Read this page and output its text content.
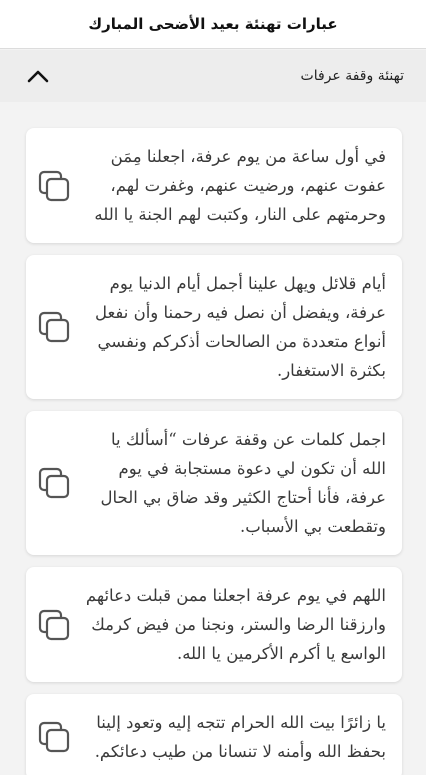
عبارات تهنئة بعيد الأضحى المبارك
تهنئة وقفة عرفات
في أول ساعة من يوم عرفة، اجعلنا مِمَن عفوت عنهم، ورضيت عنهم، وغفرت لهم، وحرمتهم على النار، وكتبت لهم الجنة يا الله
أيام قلائل ويهل علينا أجمل أيام الدنيا يوم عرفة، ويفضل أن نصل فيه رحمنا وأن نفعل أنواع متعددة من الصالحات أذكركم ونفسي بكثرة الاستغفار.
اجمل كلمات عن وقفة عرفات “أسألك يا الله أن تكون لي دعوة مستجابة في يوم عرفة، فأنا أحتاج الكثير وقد ضاق بي الحال وتقطعت بي الأسباب.
اللهم في يوم عرفة اجعلنا ممن قبلت دعائهم وارزقنا الرضا والستر، ونجنا من فيض كرمك الواسع يا أكرم الأكرمين يا الله.
يا زائرًا بيت الله الحرام تتجه إليه وتعود إلينا بحفظ الله وأمنه لا تنسانا من طيب دعائكم.
